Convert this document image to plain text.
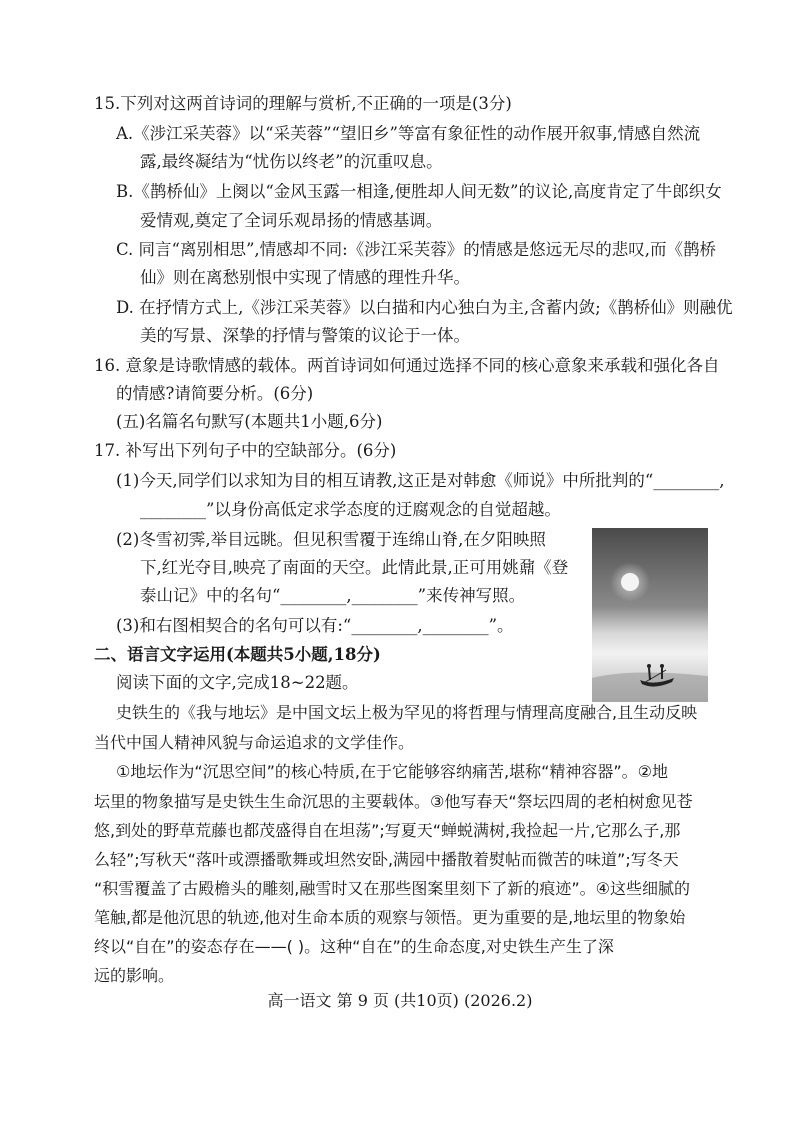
15.下列对这两首诗词的理解与赏析,不正确的一项是(3分)
A.《涉江采芙蓉》以“采芙蓉”“望旧乡”等富有象征性的动作展开叙事,情感自然流
露,最终凝结为“忧伤以终老”的沉重叹息。
B.《鹊桥仙》上阕以“金风玉露一相逢,便胜却人间无数”的议论,高度肯定了牛郎织女
爱情观,奠定了全词乐观昂扬的情感基调。
C. 同言“离别相思”,情感却不同:《涉江采芙蓉》的情感是悠远无尽的悲叹,而《鹊桥
仙》则在离愁别恨中实现了情感的理性升华。
D. 在抒情方式上,《涉江采芙蓉》以白描和内心独白为主,含蓄内敛;《鹊桥仙》则融优
美的写景、深挚的抒情与警策的议论于一体。
16. 意象是诗歌情感的载体。两首诗词如何通过选择不同的核心意象来承载和强化各自
的情感?请简要分析。(6分)
(五)名篇名句默写(本题共1小题,6分)
17. 补写出下列句子中的空缺部分。(6分)
(1)今天,同学们以求知为目的相互请教,这正是对韩愈《师说》中所批判的“________,
________”以身份高低定求学态度的迂腐观念的自觉超越。
(2)冬雪初霁,举目远眺。但见积雪覆于连绵山脊,在夕阳映照
下,红光夺目,映亮了南面的天空。此情此景,正可用姚鼐《登
泰山记》中的名句“________,________”来传神写照。
(3)和右图相契合的名句可以有:“________,________”。
二、语言文字运用(本题共5小题,18分)
阅读下面的文字,完成18~22题。
史铁生的《我与地坛》是中国文坛上极为罕见的将哲理与情理高度融合,且生动反映
当代中国人精神风貌与命运追求的文学佳作。
①地坛作为“沉思空间”的核心特质,在于它能够容纳痛苦,堪称“精神容器”。②地
坛里的物象描写是史铁生生命沉思的主要载体。③他写春天“祭坛四周的老柏树愈见苍
悠,到处的野草荒藤也都茂盛得自在坦荡”;写夏天“蝉蜕满树,我捡起一片,它那么子,那
么轻”;写秋天“落叶或漂播歌舞或坦然安卧,满园中播散着熨帖而微苦的味道”;写冬天
“积雪覆盖了古殿檐头的雕刻,融雪时又在那些图案里刻下了新的痕迹”。④这些细腻的
笔触,都是他沉思的轨迹,他对生命本质的观察与领悟。更为重要的是,地坛里的物象始
终以“自在”的姿态存在——( )。这种“自在”的生命态度,对史铁生产生了深
远的影响。
高一语文 第 9 页 (共10页) (2026.2)
